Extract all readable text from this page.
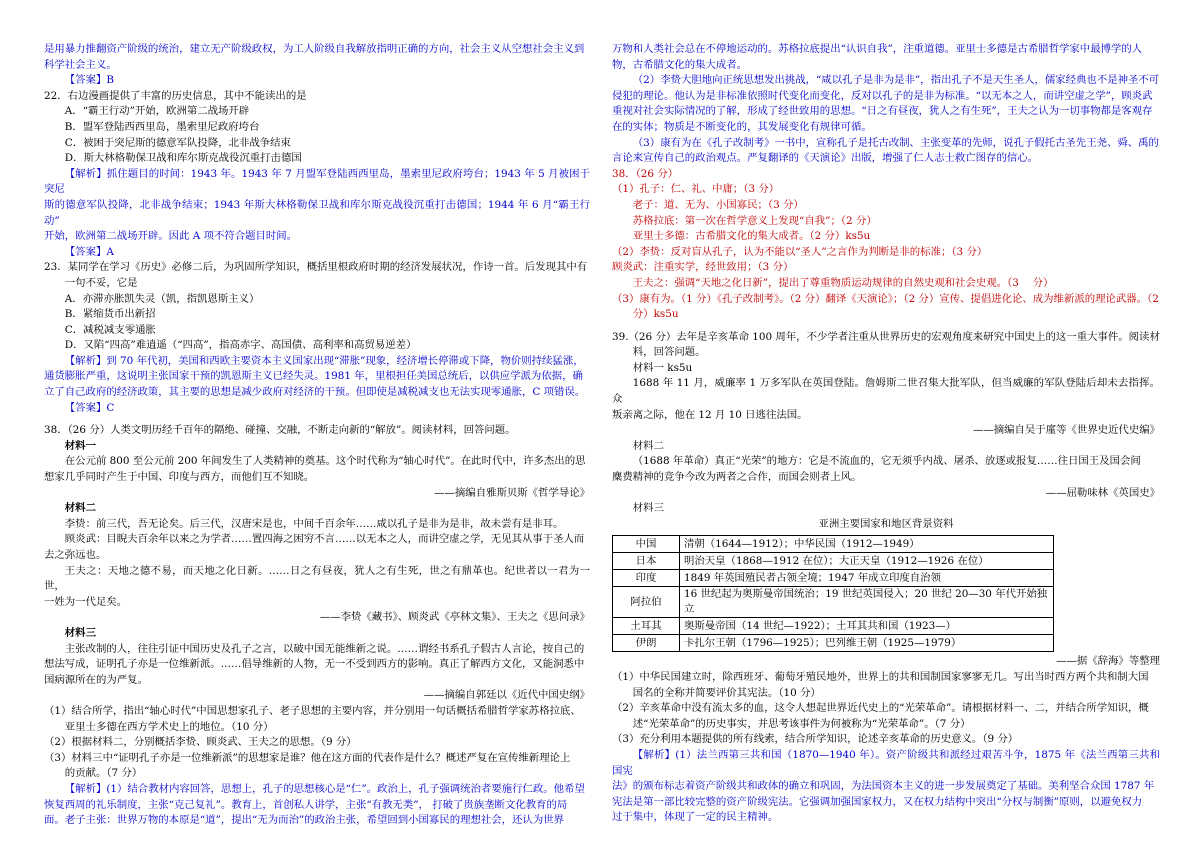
是用暴力推翻资产阶级的统治，建立无产阶级政权，为工人阶级自我解放指明正确的方向，社会主义从空想社会主义到

科学社会主义。

【答案】B

22．右边漫画提供了丰富的历史信息，其中不能读出的是

A．“霸王行动”开始，欧洲第二战场开辟

B．盟军登陆西西里岛，墨索里尼政府垮台

C．被困于突尼斯的德意军队投降，北非战争结束

D．斯大林格勒保卫战和库尔斯克战役沉重打击德国

【解析】抓住题目的时间：1943 年。1943 年 7 月盟军登陆西西里岛，墨索里尼政府垮台；1943 年 5 月被困于突尼

斯的德意军队投降，北非战争结束；1943 年斯大林格勒保卫战和库尔斯克战役沉重打击德国；1944 年 6 月“霸王行动”

开始，欧洲第二战场开辟。因此 A 项不符合题目时间。

【答案】A

23．某同学在学习《历史》必修二后，为巩固所学知识，概括里根政府时期的经济发展状况，作诗一首。后发现其中有

一句不妥，它是

A．亦滞亦胀凯失灵（凯，指凯恩斯主义）

B．紧缩货币出新招

C．减税减支零通胀

D．又陷“四高”难逍遥（“四高”，指高赤字、高国债、高利率和高贸易逆差）

【解析】到 70 年代初，美国和西欧主要资本主义国家出现“滞胀”现象，经济增长停滞或下降，物价则持续猛涨，

通货膨胀严重，这说明主张国家干预的凯恩斯主义已经失灵。1981 年，里根担任美国总统后，以供应学派为依据，确

立了自己政府的经济政策，其主要的思想是减少政府对经济的干预。但即使是减税减支也无法实现零通胀，C 项错误。

【答案】C

38．（26 分）人类文明历经千百年的隔绝、碰撞、交融，不断走向新的“解放”。阅读材料，回答问题。

材料一

在公元前 800 至公元前 200 年间发生了人类精神的奠基。这个时代称为“轴心时代”。在此时代中，许多杰出的思

想家几乎同时产生于中国、印度与西方，而他们互不知晓。

——摘编自雅斯贝斯《哲学导论》

材料二

李贽：前三代，吾无论矣。后三代，汉唐宋是也，中间千百余年……咸以孔子是非为是非，故未尝有是非耳。

顾炎武：目睨夫百余年以来之为学者……置四海之困穷不言……以无本之人，而讲空虚之学，无见其从事于圣人而

去之弥远也。

王夫之：天地之德不易，而天地之化日新。……日之有昼夜，犹人之有生死，世之有鼎革也。纪世者以一君为一世，

一姓为一代足矣。

——李贽《藏书》、顾炎武《亭林文集》、王夫之《思问录》

材料三

主张改制的人，往往引证中国历史及孔子之言，以破中国无能维新之说。……谓经书系孔子假古人言论，按自己的

想法写成，证明孔子亦是一位维新派。……倡导维新的人物，无一不受到西方的影响。真正了解西方文化，又能洞悉中

国病源所在的为严复。

——摘编自郭廷以《近代中国史纲》

（1）结合所学，指出“轴心时代”中国思想家孔子、老子思想的主要内容，并分别用一句话概括希腊哲学家苏格拉底、

亚里士多德在西方学术史上的地位。（10 分）

（2）根据材料二，分别概括李贽、顾炎武、王夫之的思想。（9 分）

（3）材料三中“证明孔子亦是一位维新派”的思想家是谁？他在这方面的代表作是什么？概述严复在宣传维新理论上

的贡献。（7 分）

【解析】(1）结合教材内容回答，思想上，孔子的思想核心是“仁”。政治上，孔子强调统治者要施行仁政。他希望

恢复西周的礼乐制度，主张“克己复礼”。教育上，首创私人讲学，主张“有教无类”， 打破了贵族垄断文化教育的局

面。老子主张：世界万物的本原是“道”，提出“无为而治”的政治主张，希望回到小国寡民的理想社会，还认为世界

万物和人类社会总在不停地运动的。苏格拉底提出“认识自我”，注重道德。亚里士多德是古希腊哲学家中最博学的人

物，古希腊文化的集大成者。

（2）李贽大胆地向正统思想发出挑战，“咸以孔子是非为是非”，指出孔子不是天生圣人，儒家经典也不是神圣不可

侵犯的理论。他认为是非标准依照时代变化而变化，反对以孔子的是非为标准。“以无本之人，而讲空虚之学”，顾炎武

重视对社会实际情况的了解，形成了经世致用的思想。“日之有昼夜，犹人之有生死”，王夫之认为一切事物都是客观存

在的实体；物质是不断变化的，其发展变化有规律可循。

（3）康有为在《孔子改制考》一书中，宣称孔子是托古改制、主张变革的先师，说孔子假托古圣先王尧、舜、禹的

言论来宣传自己的政治观点。严复翻译的《天演论》出版，增强了仁人志士救亡图存的信心。

38．（26 分）

（1）孔子：仁、礼、中庸；（3 分）

老子：道、无为、小国寡民；（3 分）

苏格拉底：第一次在哲学意义上发现“自我”；（2 分）

亚里士多德：古希腊文化的集大成者。（2 分）ks5u

（2）李贽：反对盲从孔子，认为不能以“圣人”之言作为判断是非的标准；（3 分）

顾炎武：注重实学，经世致用；（3 分）

王夫之：强调“天地之化日新”，提出了尊重物质运动规律的自然史观和社会史观。（3　 分）

（3）康有为。（1 分）《孔子改制考》。（2 分）翻译《天演论》；（2 分）宣传、提倡进化论、成为维新派的理论武器。（2

分）ks5u

39.（26 分）去年是辛亥革命 100 周年，不少学者注重从世界历史的宏观角度来研究中国史上的这一重大事件。阅读材

料，回答问题。

材料一 ks5u

1688 年 11 月，威廉率 1 万多军队在英国登陆。詹姆斯二世召集大批军队，但当威廉的军队登陆后却未去指挥。众

叛亲离之际，他在 12 月 10 日逃往法国。

——摘编自吴于廑等《世界史近代史编》

材料二

（1688 年革命）真正“光荣”的地方：它是不流血的，它无须乎内战、屠杀、放逐或报复……往日国王及国会间

麋费精神的竞争今改为两者之合作，而国会则者上风。

——屈勒味林《英国史》

材料三

亚洲主要国家和地区背景资料

中国	清朝（1644—1912）；中华民国（1912—1949）
日本	明治天皇（1868—1912 在位）；大正天皇（1912—1926 在位）
印度	1849 年英国殖民者占领全境；1947 年成立印度自治领
阿拉伯	16 世纪起为奥斯曼帝国统治；19 世纪英国侵入；20 世纪 20—30 年代开始独立
土耳其	奥斯曼帝国（14 世纪—1922）；土耳其共和国（1923—）
伊朗	卡扎尔王朝（1796—1925）；巴列维王朝（1925—1979）

——据《辞海》等整理

（1）中华民国建立时，除西班牙、葡萄牙殖民地外，世界上的共和国制国家寥寥无几。写出当时西方两个共和制大国

国名的全称并简要评价其宪法。（10 分）

（2）辛亥革命中没有流太多的血，这令人想起世界近代史上的“光荣革命”。请根据材料一、二，并结合所学知识，概

述“光荣革命”的历史事实，并思考该事件为何被称为“光荣革命”。（7 分）

（3）充分利用本题提供的所有线索，结合所学知识，论述辛亥革命的历史意义。（9 分）

【解析】(1）法兰西第三共和国（1870—1940 年）。资产阶级共和派经过艰苦斗争，1875 年《法兰西第三共和国宪

法》的颁布标志着资产阶级共和政体的确立和巩固，为法国资本主义的进一步发展奠定了基础。美利坚合众国 1787 年

宪法是第一部比较完整的资产阶级宪法。它强调加强国家权力，又在权力结构中突出“分权与制衡”原则，以避免权力

过于集中，体现了一定的民主精神。
